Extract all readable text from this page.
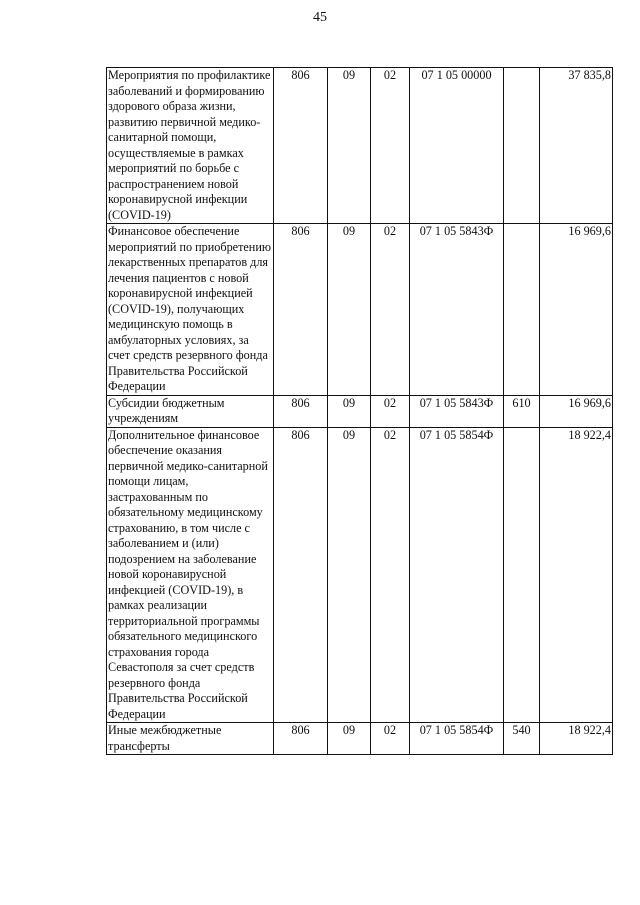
45
Мероприятия по профилактике заболеваний и формированию здорового образа жизни, развитию первичной медико-санитарной помощи, осуществляемые в рамках мероприятий по борьбе с распространением новой коронавирусной инфекции (COVID-19)	806	09	02	07 1 05 00000		37 835,8
Финансовое обеспечение мероприятий по приобретению лекарственных препаратов для лечения пациентов с новой коронавирусной инфекцией (COVID-19), получающих медицинскую помощь в амбулаторных условиях, за счет средств резервного фонда Правительства Российской Федерации	806	09	02	07 1 05 5843Ф		16 969,6
Субсидии бюджетным учреждениям	806	09	02	07 1 05 5843Ф	610	16 969,6
Дополнительное финансовое обеспечение оказания первичной медико-санитарной помощи лицам, застрахованным по обязательному медицинскому страхованию, в том числе с заболеванием и (или) подозрением на заболевание новой коронавирусной инфекцией (COVID-19), в рамках реализации территориальной программы обязательного медицинского страхования города Севастополя за счет средств резервного фонда Правительства Российской Федерации	806	09	02	07 1 05 5854Ф		18 922,4
Иные межбюджетные трансферты	806	09	02	07 1 05 5854Ф	540	18 922,4
